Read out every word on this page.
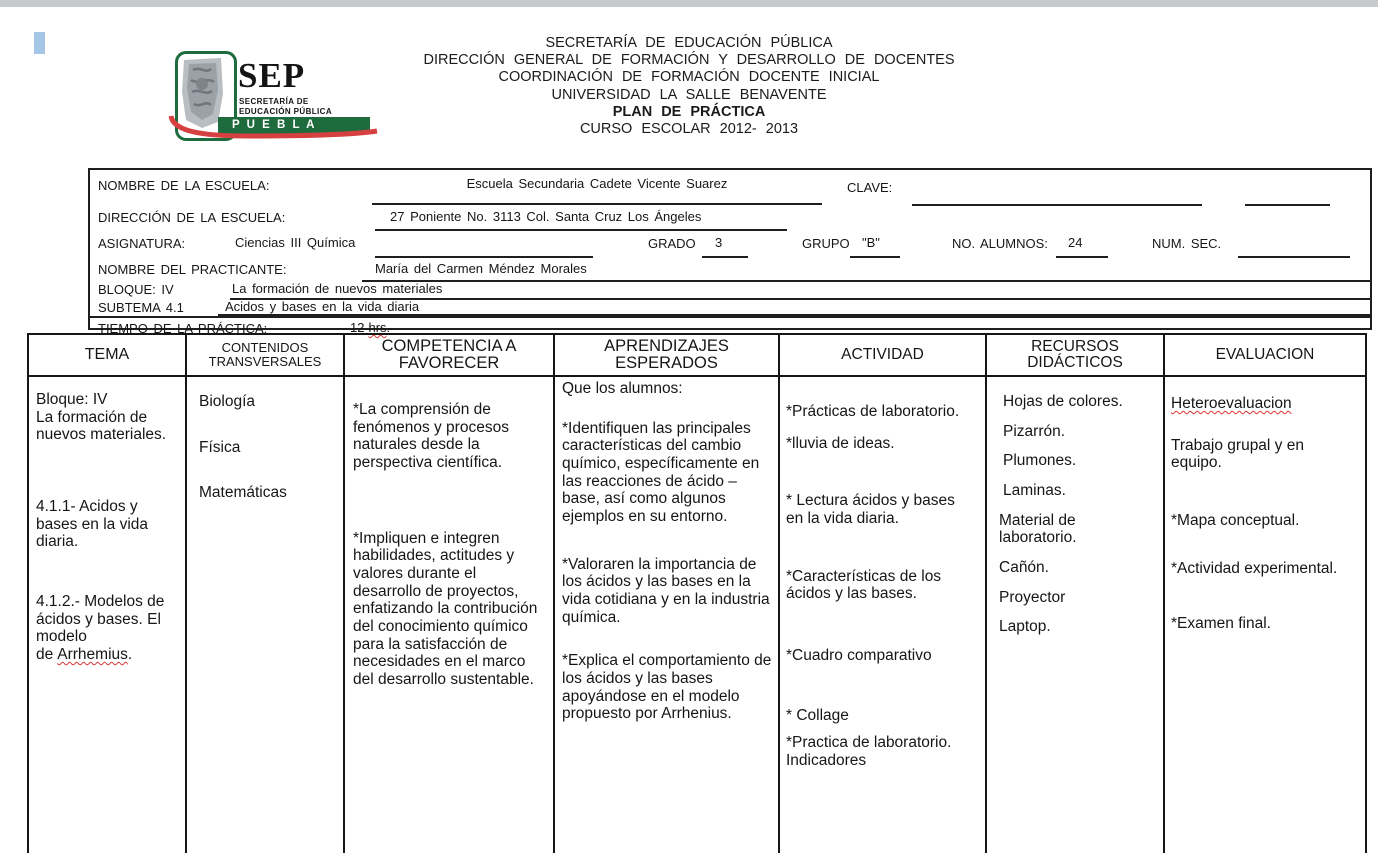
SEP
SECRETARÍA DE
EDUCACIÓN PÚBLICA
P U E B L A
SECRETARÍA DE EDUCACIÓN PÚBLICA
DIRECCIÓN GENERAL DE FORMACIÓN Y DESARROLLO DE DOCENTES
COORDINACIÓN DE FORMACIÓN DOCENTE INICIAL
UNIVERSIDAD LA SALLE BENAVENTE
PLAN DE PRÁCTICA
CURSO ESCOLAR 2012- 2013
NOMBRE DE LA ESCUELA:	Escuela Secundaria Cadete Vicente Suarez	CLAVE:
DIRECCIÓN DE LA ESCUELA:	27 Poniente No. 3113 Col. Santa Cruz Los Ángeles
ASIGNATURA:	Ciencias III Química	GRADO 3	GRUPO "B"	NO. ALUMNOS: 24	NUM. SEC.
NOMBRE DEL PRACTICANTE:	María del Carmen Méndez Morales
BLOQUE: IV	La formación de nuevos materiales
SUBTEMA 4.1	Acidos y bases en la vida diaria
TIEMPO DE LA PRÁCTICA:	12 hrs.
TEMA	CONTENIDOS TRANSVERSALES	COMPETENCIA A FAVORECER	APRENDIZAJES ESPERADOS	ACTIVIDAD	RECURSOS DIDÁCTICOS	EVALUACION

Bloque: IV
La formación de nuevos materiales.
4.1.1- Acidos y bases en la vida diaria.
4.1.2.- Modelos de ácidos y bases. El modelo de Arrhemius.

Biología
Física
Matemáticas

*La comprensión de fenómenos y procesos naturales desde la perspectiva científica.
*Impliquen e integren habilidades, actitudes y valores durante el desarrollo de proyectos, enfatizando la contribución del conocimiento químico para la satisfacción de necesidades en el marco del desarrollo sustentable.

Que los alumnos:
*Identifiquen las principales características del cambio químico, específicamente en las reacciones de ácido – base, así como algunos ejemplos en su entorno.
*Valoraren la importancia de los ácidos y las bases en la vida cotidiana y en la industria química.
*Explica el comportamiento de los ácidos y las bases apoyándose en el modelo propuesto por Arrhenius.

*Prácticas de laboratorio.
*lluvia de ideas.
* Lectura ácidos y bases en la vida diaria.
*Características de los ácidos y las bases.
*Cuadro comparativo
* Collage
*Practica de laboratorio.
Indicadores

Hojas de colores.
Pizarrón.
Plumones.
Laminas.
Material de laboratorio.
Cañón.
Proyector
Laptop.

Heteroevaluacion
Trabajo grupal y en equipo.
*Mapa conceptual.
*Actividad experimental.
*Examen final.
